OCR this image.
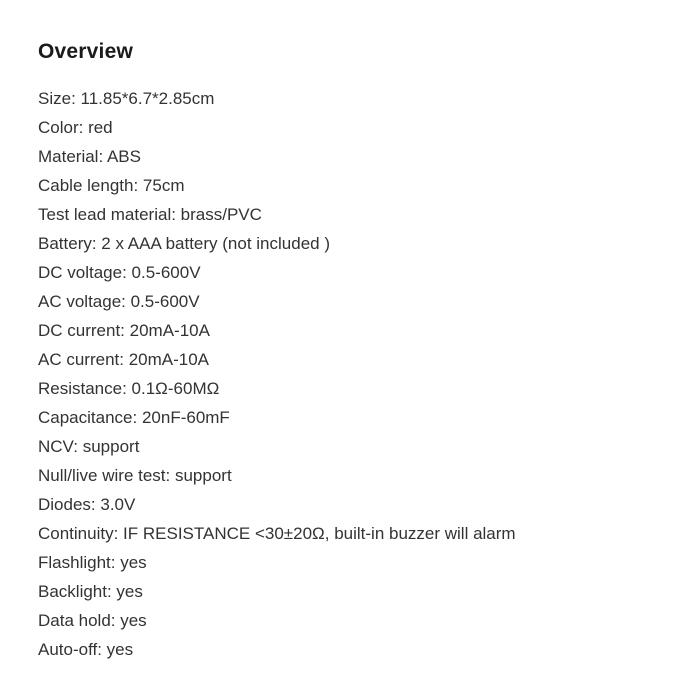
Overview
Size: 11.85*6.7*2.85cm
Color: red
Material: ABS
Cable length: 75cm
Test lead material: brass/PVC
Battery: 2 x AAA battery (not included )
DC voltage: 0.5-600V
AC voltage: 0.5-600V
DC current: 20mA-10A
AC current: 20mA-10A
Resistance: 0.1Ω-60MΩ
Capacitance: 20nF-60mF
NCV: support
Null/live wire test: support
Diodes: 3.0V
Continuity: IF RESISTANCE <30±20Ω, built-in buzzer will alarm
Flashlight: yes
Backlight: yes
Data hold: yes
Auto-off: yes
